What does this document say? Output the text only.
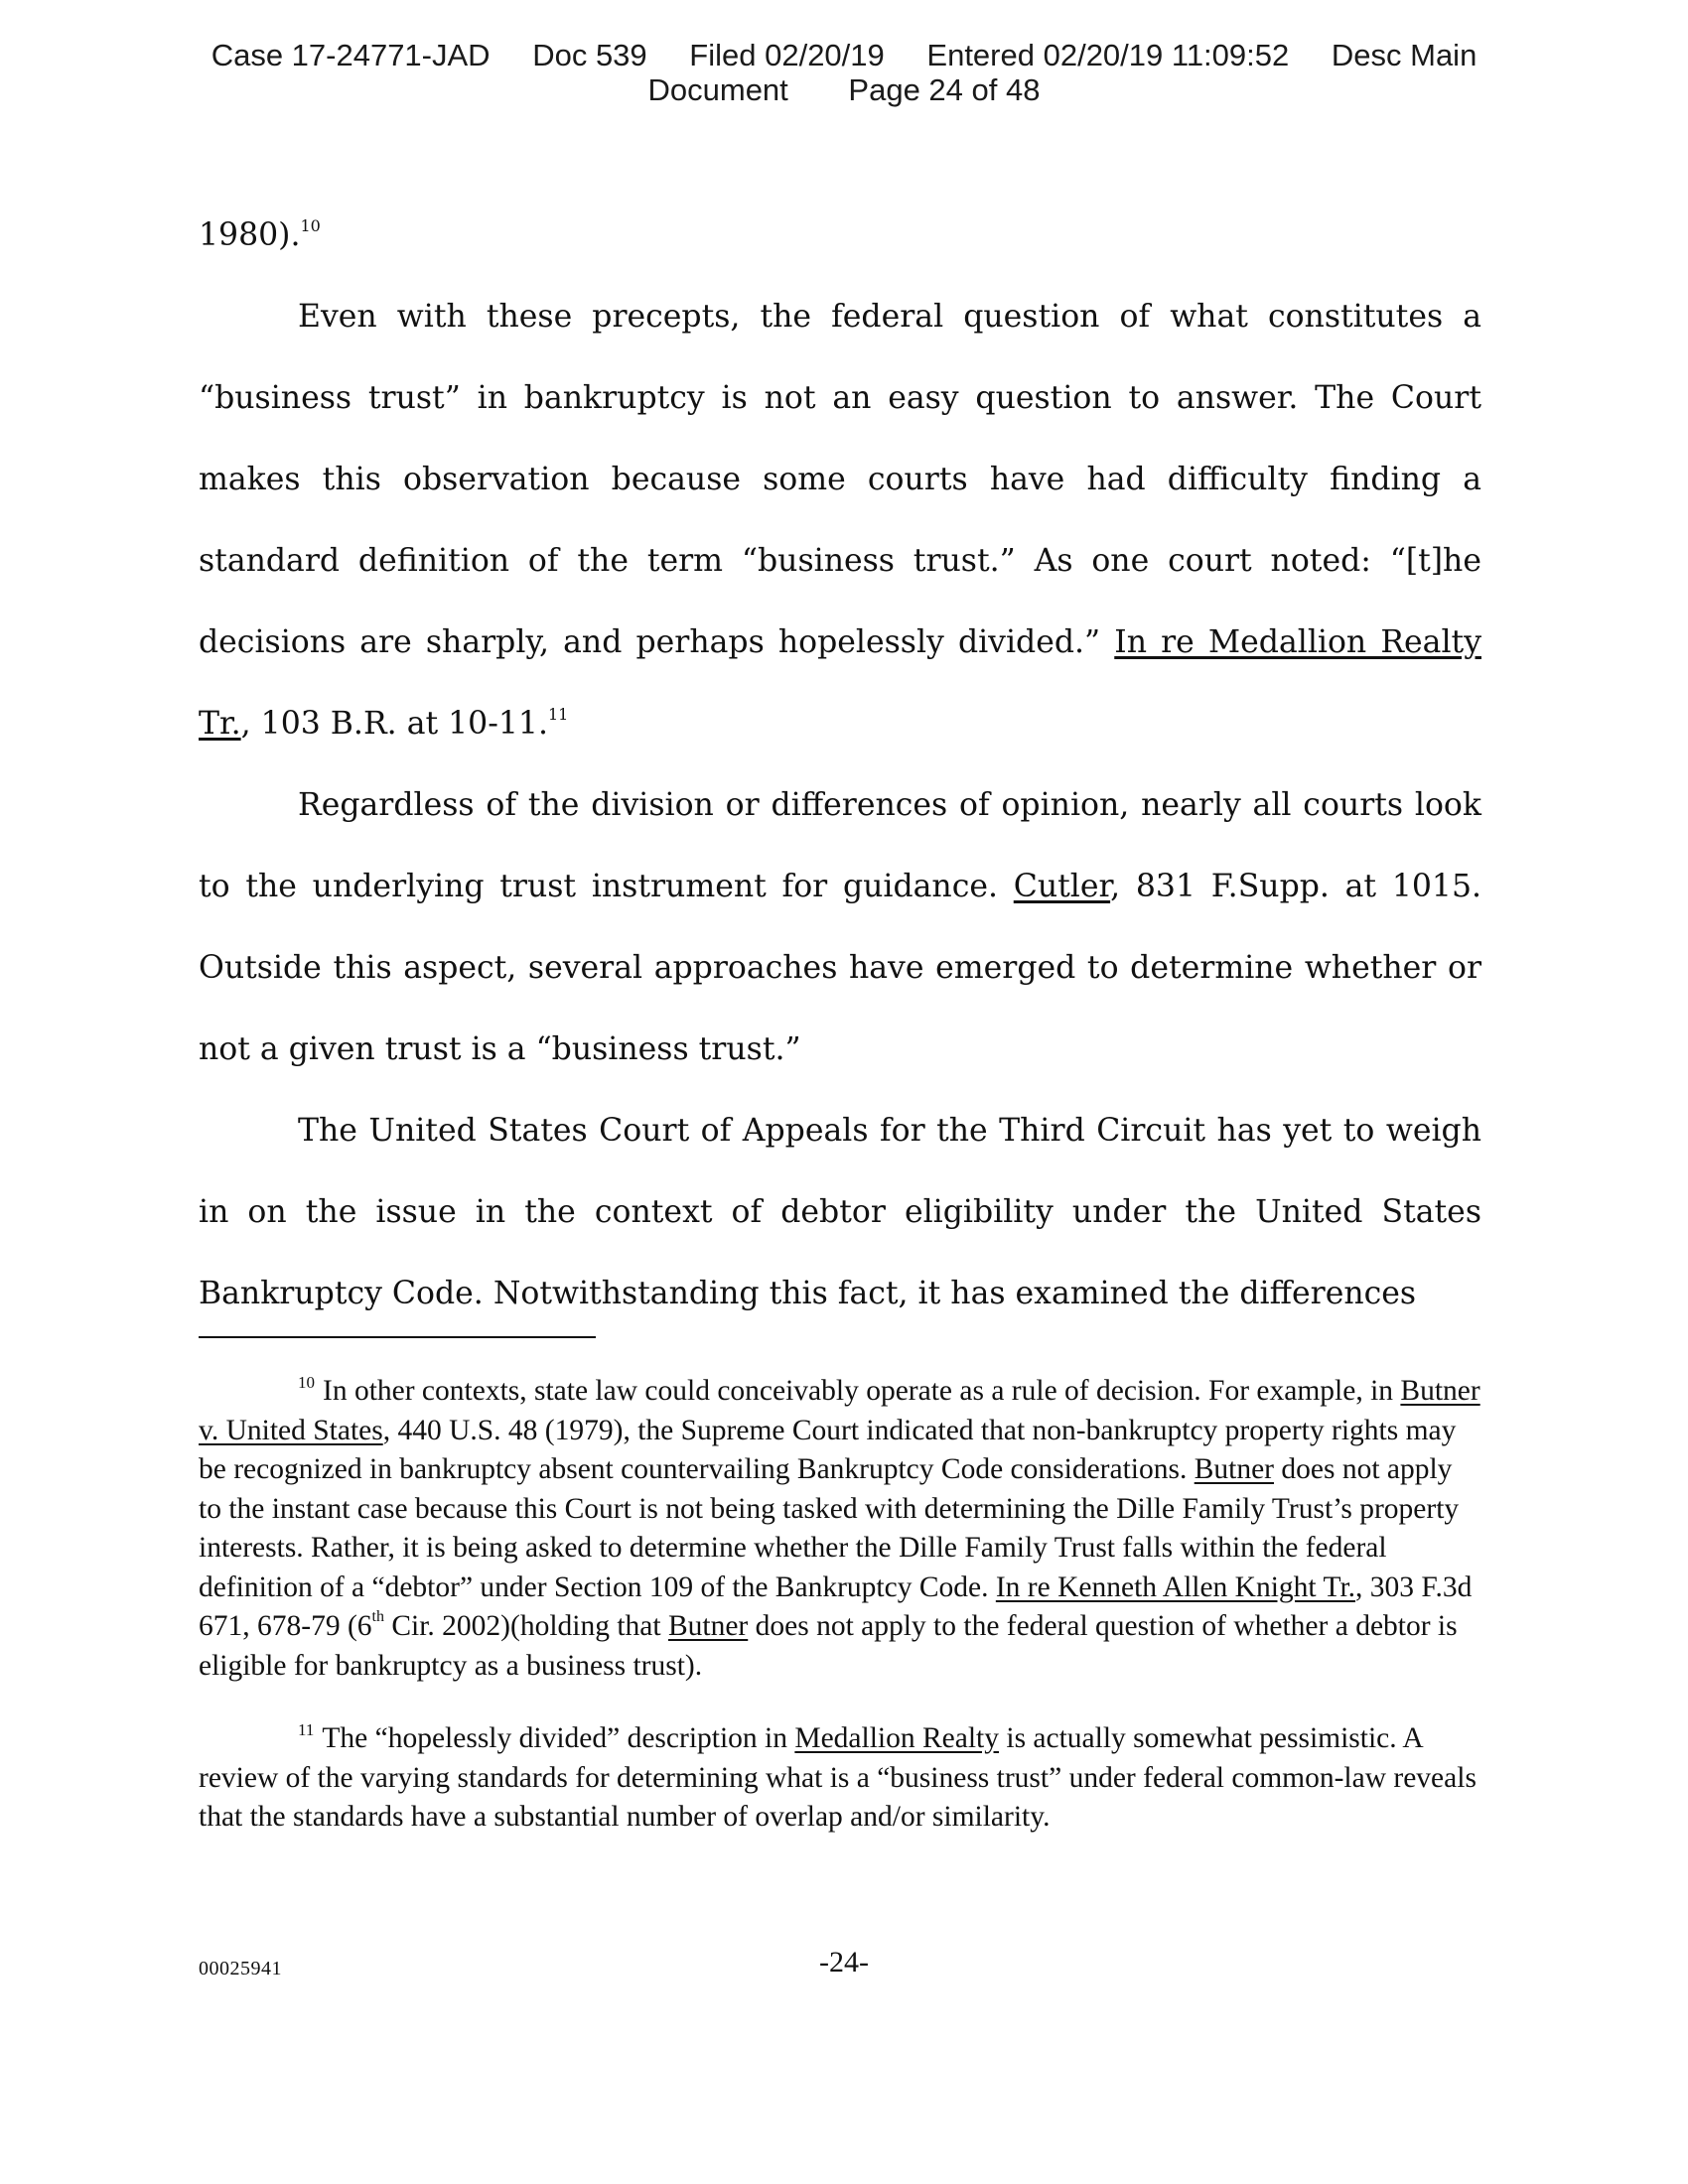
Case 17-24771-JAD Doc 539 Filed 02/20/19 Entered 02/20/19 11:09:52 Desc Main
Document Page 24 of 48

1980).$^{10}$

Even with these precepts, the federal question of what constitutes a “business trust” in bankruptcy is not an easy question to answer. The Court makes this observation because some courts have had difficulty finding a standard definition of the term “business trust.” As one court noted: “[t]he decisions are sharply, and perhaps hopelessly divided.” In re Medallion Realty Tr., 103 B.R. at 10-11.11

Regardless of the division or differences of opinion, nearly all courts look to the underlying trust instrument for guidance. Cutler, 831 F.Supp. at 1015. Outside this aspect, several approaches have emerged to determine whether or not a given trust is a “business trust.”

The United States Court of Appeals for the Third Circuit has yet to weigh in on the issue in the context of debtor eligibility under the United States Bankruptcy Code. Notwithstanding this fact, it has examined the differences

$^{10}$ In other contexts, state law could conceivably operate as a rule of decision. For example, in Butner v. United States, 440 U.S. 48 (1979), the Supreme Court indicated that non-bankruptcy property rights may be recognized in bankruptcy absent countervailing Bankruptcy Code considerations. Butner does not apply to the instant case because this Court is not being tasked with determining the Dille Family Trust’s property interests. Rather, it is being asked to determine whether the Dille Family Trust falls within the federal definition of a “debtor” under Section 109 of the Bankruptcy Code. In re Kenneth Allen Knight Tr., 303 F.3d 671, 678-79 (6th Cir. 2002)(holding that Butner does not apply to the federal question of whether a debtor is eligible for bankruptcy as a business trust).

$^{11}$ The “hopelessly divided” description in Medallion Realty is actually somewhat pessimistic. A review of the varying standards for determining what is a “business trust” under federal common-law reveals that the standards have a substantial number of overlap and/or similarity.

00025941	-24-
